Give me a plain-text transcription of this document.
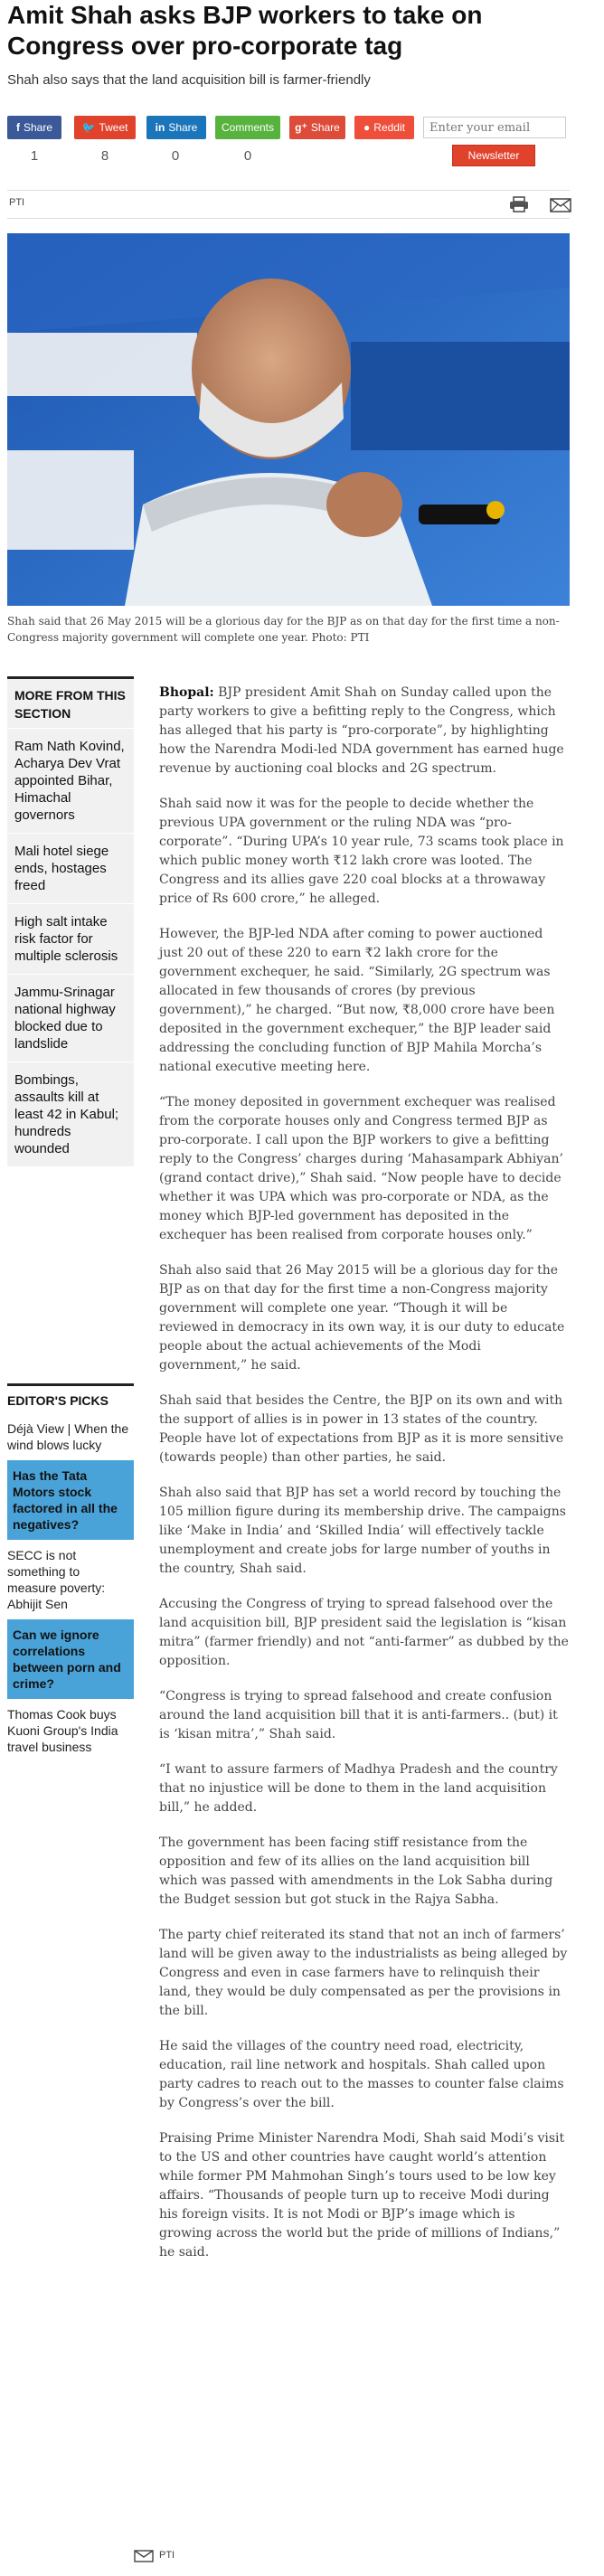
Amit Shah asks BJP workers to take on Congress over pro-corporate tag
Shah also says that the land acquisition bill is farmer-friendly
f Share
1
🐦 Tweet
8
in Share
0
Comments
0
g⁺ Share	● Reddit
Enter your email
Newsletter
PTI
Shah said that 26 May 2015 will be a glorious day for the BJP as on that day for the first time a non-Congress majority government will complete one year. Photo: PTI
MORE FROM THIS SECTION
Ram Nath Kovind, Acharya Dev Vrat appointed Bihar, Himachal governors
Mali hotel siege ends, hostages freed
High salt intake risk factor for multiple sclerosis
Jammu-Srinagar national highway blocked due to landslide
Bombings, assaults kill at least 42 in Kabul; hundreds wounded
EDITOR'S PICKS
Déjà View | When the wind blows lucky
Has the Tata Motors stock factored in all the negatives?
SECC is not something to measure poverty: Abhijit Sen
Can we ignore correlations between porn and crime?
Thomas Cook buys Kuoni Group's India travel business

Bhopal: BJP president Amit Shah on Sunday called upon the party workers to give a befitting reply to the Congress, which has alleged that his party is “pro-corporate”, by highlighting how the Narendra Modi-led NDA government has earned huge revenue by auctioning coal blocks and 2G spectrum.

Shah said now it was for the people to decide whether the previous UPA government or the ruling NDA was “pro-corporate”. “During UPA’s 10 year rule, 73 scams took place in which public money worth ₹12 lakh crore was looted. The Congress and its allies gave 220 coal blocks at a throwaway price of Rs 600 crore,” he alleged.

However, the BJP-led NDA after coming to power auctioned just 20 out of these 220 to earn ₹2 lakh crore for the government exchequer, he said. “Similarly, 2G spectrum was allocated in few thousands of crores (by previous government),” he charged. “But now, ₹8,000 crore have been deposited in the government exchequer,” the BJP leader said addressing the concluding function of BJP Mahila Morcha’s national executive meeting here.

“The money deposited in government exchequer was realised from the corporate houses only and Congress termed BJP as pro-corporate. I call upon the BJP workers to give a befitting reply to the Congress’ charges during ‘Mahasampark Abhiyan’ (grand contact drive),” Shah said. “Now people have to decide whether it was UPA which was pro-corporate or NDA, as the money which BJP-led government has deposited in the exchequer has been realised from corporate houses only.”

Shah also said that 26 May 2015 will be a glorious day for the BJP as on that day for the first time a non-Congress majority government will complete one year. “Though it will be reviewed in democracy in its own way, it is our duty to educate people about the actual achievements of the Modi government,” he said.

Shah said that besides the Centre, the BJP on its own and with the support of allies is in power in 13 states of the country. People have lot of expectations from BJP as it is more sensitive (towards people) than other parties, he said.

Shah also said that BJP has set a world record by touching the 105 million figure during its membership drive. The campaigns like ‘Make in India’ and ‘Skilled India’ will effectively tackle unemployment and create jobs for large number of youths in the country, Shah said.

Accusing the Congress of trying to spread falsehood over the land acquisition bill, BJP president said the legislation is “kisan mitra” (farmer friendly) and not “anti-farmer” as dubbed by the opposition.

“Congress is trying to spread falsehood and create confusion around the land acquisition bill that it is anti-farmers.. (but) it is ‘kisan mitra’,” Shah said.

“I want to assure farmers of Madhya Pradesh and the country that no injustice will be done to them in the land acquisition bill,” he added.

The government has been facing stiff resistance from the opposition and few of its allies on the land acquisition bill which was passed with amendments in the Lok Sabha during the Budget session but got stuck in the Rajya Sabha.

The party chief reiterated its stand that not an inch of farmers’ land will be given away to the industrialists as being alleged by Congress and even in case farmers have to relinquish their land, they would be duly compensated as per the provisions in the bill.

He said the villages of the country need road, electricity, education, rail line network and hospitals. Shah called upon party cadres to reach out to the masses to counter false claims by Congress’s over the bill.

Praising Prime Minister Narendra Modi, Shah said Modi’s visit to the US and other countries have caught world’s attention while former PM Mahmohan Singh’s tours used to be low key affairs. “Thousands of people turn up to receive Modi during his foreign visits. It is not Modi or BJP’s image which is growing across the world but the pride of millions of Indians,” he said.

PTI
